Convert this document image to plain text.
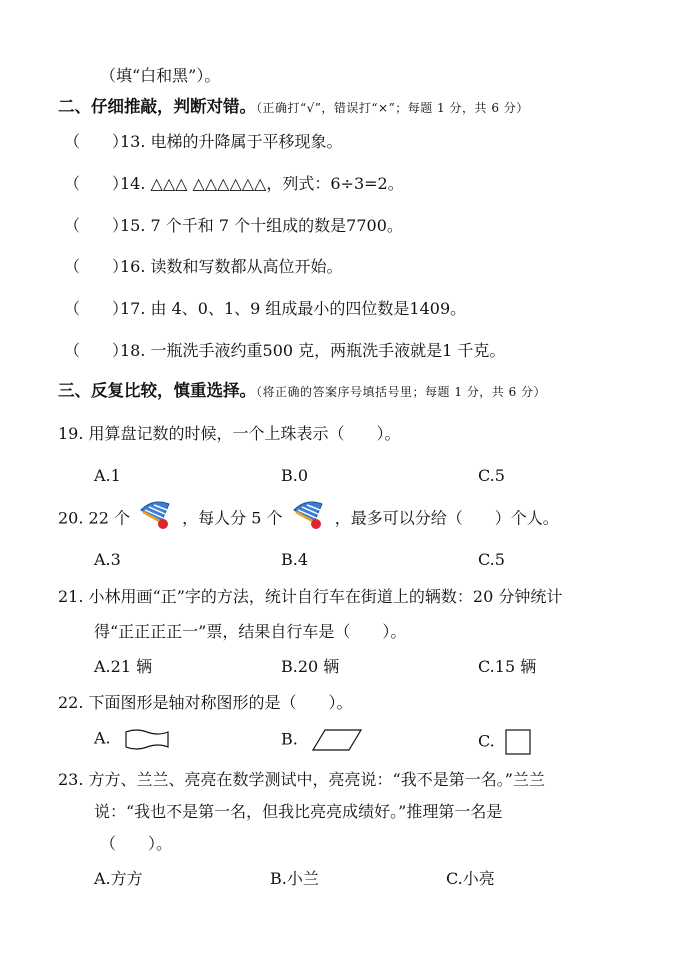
（填“白和黑”）。
二、仔细推敲，判断对错。（正确打“√”，错误打“×”；每题 1 分，共 6 分）
（　　）13. 电梯的升降属于平移现象。
（　　）14. △△△ △△△△△△，列式：6÷3=2。
（　　）15. 7 个千和 7 个十组成的数是7700。
（　　）16. 读数和写数都从高位开始。
（　　）17. 由 4、0、1、9 组成最小的四位数是1409。
（　　）18. 一瓶洗手液约重500 克，两瓶洗手液就是1 千克。
三、反复比较，慎重选择。（将正确的答案序号填括号里；每题 1 分，共 6 分）
19. 用算盘记数的时候，一个上珠表示（　　）。
A.1	B.0	C.5
20. 22 个	，每人分 5 个	，最多可以分给（　　）个人。
A.3	B.4	C.5
21. 小林用画“正”字的方法，统计自行车在街道上的辆数：20 分钟统计
得“正正正正一”票，结果自行车是（　　）。
A.21 辆	B.20 辆	C.15 辆
22. 下面图形是轴对称图形的是（　　）。
A.	B.	C.
23. 方方、兰兰、亮亮在数学测试中，亮亮说：“我不是第一名。”兰兰
说：“我也不是第一名，但我比亮亮成绩好。”推理第一名是
（　　）。
A.方方	B.小兰	C.小亮
